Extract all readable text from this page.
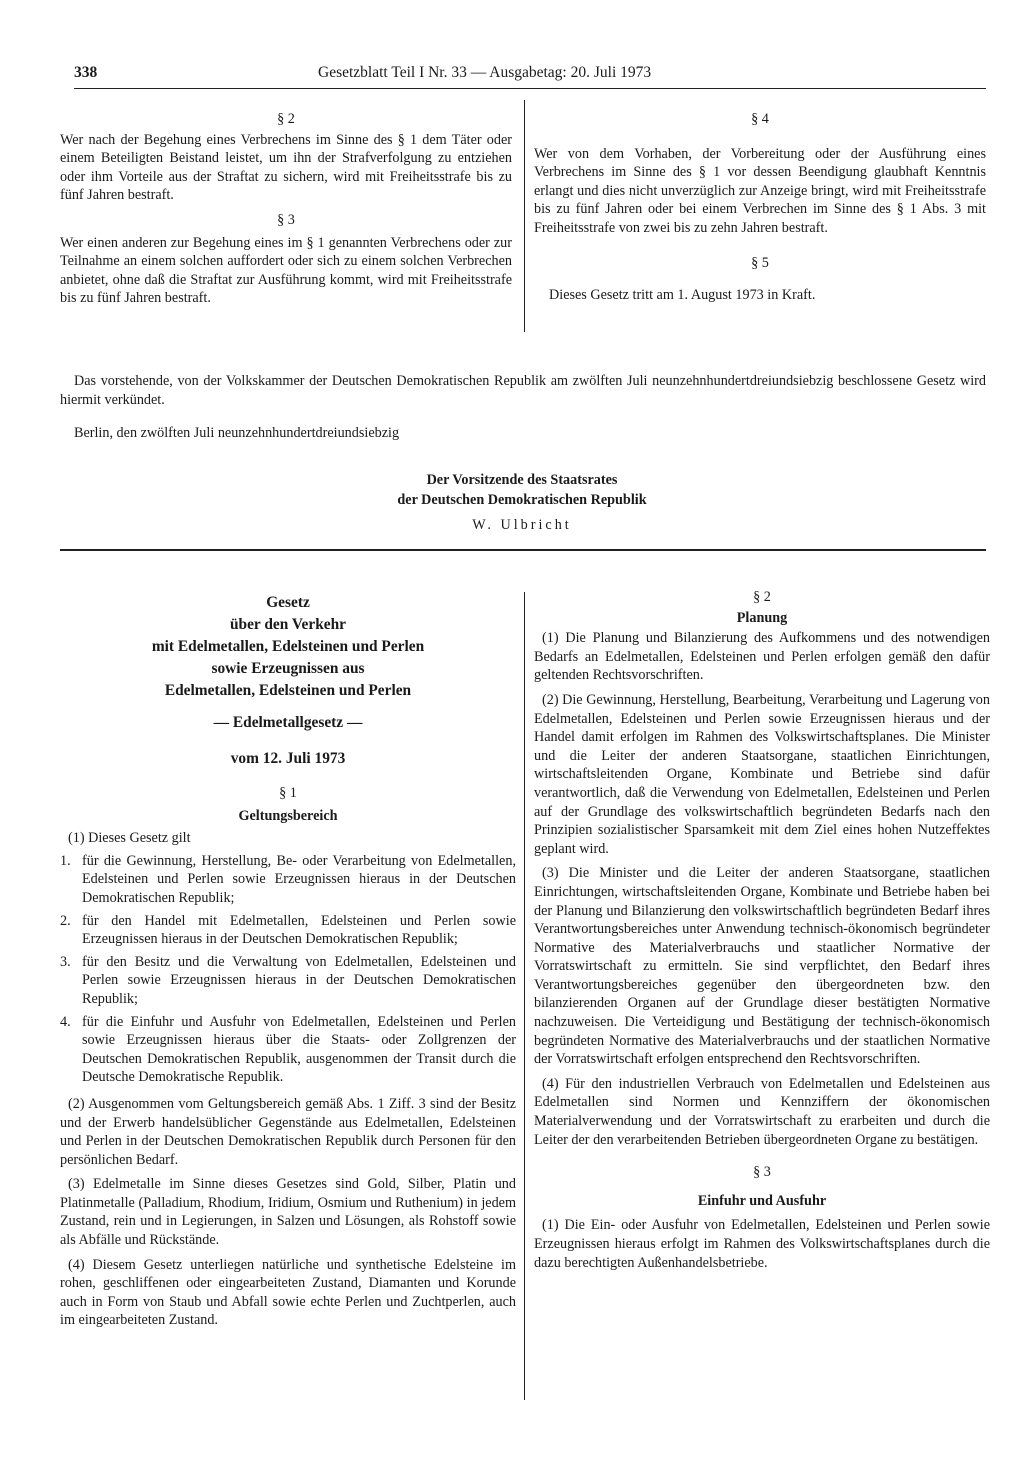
338	Gesetzblatt Teil I Nr. 33 — Ausgabetag: 20. Juli 1973

§ 2

Wer nach der Begehung eines Verbrechens im Sinne des § 1 dem Täter oder einem Beteiligten Beistand leistet, um ihn der Strafverfolgung zu entziehen oder ihm Vorteile aus der Straftat zu sichern, wird mit Freiheitsstrafe bis zu fünf Jahren bestraft.

§ 3

Wer einen anderen zur Begehung eines im § 1 genannten Verbrechens oder zur Teilnahme an einem solchen auffordert oder sich zu einem solchen Verbrechen anbietet, ohne daß die Straftat zur Ausführung kommt, wird mit Freiheitsstrafe bis zu fünf Jahren bestraft.

§ 4

Wer von dem Vorhaben, der Vorbereitung oder der Ausführung eines Verbrechens im Sinne des § 1 vor dessen Beendigung glaubhaft Kenntnis erlangt und dies nicht unverzüglich zur Anzeige bringt, wird mit Freiheitsstrafe bis zu fünf Jahren oder bei einem Verbrechen im Sinne des § 1 Abs. 3 mit Freiheitsstrafe von zwei bis zu zehn Jahren bestraft.

§ 5

Dieses Gesetz tritt am 1. August 1973 in Kraft.

Das vorstehende, von der Volkskammer der Deutschen Demokratischen Republik am zwölften Juli neunzehnhundertdreiundsiebzig beschlossene Gesetz wird hiermit verkündet.

Berlin, den zwölften Juli neunzehnhundertdreiundsiebzig

Der Vorsitzende des Staatsrates
der Deutschen Demokratischen Republik
W. Ulbricht

Gesetz

über den Verkehr

mit Edelmetallen, Edelsteinen und Perlen

sowie Erzeugnissen aus

Edelmetallen, Edelsteinen und Perlen

— Edelmetallgesetz —

vom 12. Juli 1973

§ 1

Geltungsbereich

(1) Dieses Gesetz gilt

1. für die Gewinnung, Herstellung, Be- oder Verarbeitung von Edelmetallen, Edelsteinen und Perlen sowie Erzeugnissen hieraus in der Deutschen Demokratischen Republik;
2. für den Handel mit Edelmetallen, Edelsteinen und Perlen sowie Erzeugnissen hieraus in der Deutschen Demokratischen Republik;
3. für den Besitz und die Verwaltung von Edelmetallen, Edelsteinen und Perlen sowie Erzeugnissen hieraus in der Deutschen Demokratischen Republik;
4. für die Einfuhr und Ausfuhr von Edelmetallen, Edelsteinen und Perlen sowie Erzeugnissen hieraus über die Staats- oder Zollgrenzen der Deutschen Demokratischen Republik, ausgenommen der Transit durch die Deutsche Demokratische Republik.

(2) Ausgenommen vom Geltungsbereich gemäß Abs. 1 Ziff. 3 sind der Besitz und der Erwerb handelsüblicher Gegenstände aus Edelmetallen, Edelsteinen und Perlen in der Deutschen Demokratischen Republik durch Personen für den persönlichen Bedarf.

(3) Edelmetalle im Sinne dieses Gesetzes sind Gold, Silber, Platin und Platinmetalle (Palladium, Rhodium, Iridium, Osmium und Ruthenium) in jedem Zustand, rein und in Legierungen, in Salzen und Lösungen, als Rohstoff sowie als Abfälle und Rückstände.

(4) Diesem Gesetz unterliegen natürliche und synthetische Edelsteine im rohen, geschliffenen oder eingearbeiteten Zustand, Diamanten und Korunde auch in Form von Staub und Abfall sowie echte Perlen und Zuchtperlen, auch im eingearbeiteten Zustand.

§ 2

Planung

(1) Die Planung und Bilanzierung des Aufkommens und des notwendigen Bedarfs an Edelmetallen, Edelsteinen und Perlen erfolgen gemäß den dafür geltenden Rechtsvorschriften.

(2) Die Gewinnung, Herstellung, Bearbeitung, Verarbeitung und Lagerung von Edelmetallen, Edelsteinen und Perlen sowie Erzeugnissen hieraus und der Handel damit erfolgen im Rahmen des Volkswirtschaftsplanes. Die Minister und die Leiter der anderen Staatsorgane, staatlichen Einrichtungen, wirtschaftsleitenden Organe, Kombinate und Betriebe sind dafür verantwortlich, daß die Verwendung von Edelmetallen, Edelsteinen und Perlen auf der Grundlage des volkswirtschaftlich begründeten Bedarfs nach den Prinzipien sozialistischer Sparsamkeit mit dem Ziel eines hohen Nutzeffektes geplant wird.

(3) Die Minister und die Leiter der anderen Staatsorgane, staatlichen Einrichtungen, wirtschaftsleitenden Organe, Kombinate und Betriebe haben bei der Planung und Bilanzierung den volkswirtschaftlich begründeten Bedarf ihres Verantwortungsbereiches unter Anwendung technisch-ökonomisch begründeter Normative des Materialverbrauchs und staatlicher Normative der Vorratswirtschaft zu ermitteln. Sie sind verpflichtet, den Bedarf ihres Verantwortungsbereiches gegenüber den übergeordneten bzw. den bilanzierenden Organen auf der Grundlage dieser bestätigten Normative nachzuweisen. Die Verteidigung und Bestätigung der technisch-ökonomisch begründeten Normative des Materialverbrauchs und der staatlichen Normative der Vorratswirtschaft erfolgen entsprechend den Rechtsvorschriften.

(4) Für den industriellen Verbrauch von Edelmetallen und Edelsteinen aus Edelmetallen sind Normen und Kennziffern der ökonomischen Materialverwendung und der Vorratswirtschaft zu erarbeiten und durch die Leiter der den verarbeitenden Betrieben übergeordneten Organe zu bestätigen.

§ 3

Einfuhr und Ausfuhr

(1) Die Ein- oder Ausfuhr von Edelmetallen, Edelsteinen und Perlen sowie Erzeugnissen hieraus erfolgt im Rahmen des Volkswirtschaftsplanes durch die dazu berechtigten Außenhandelsbetriebe.
